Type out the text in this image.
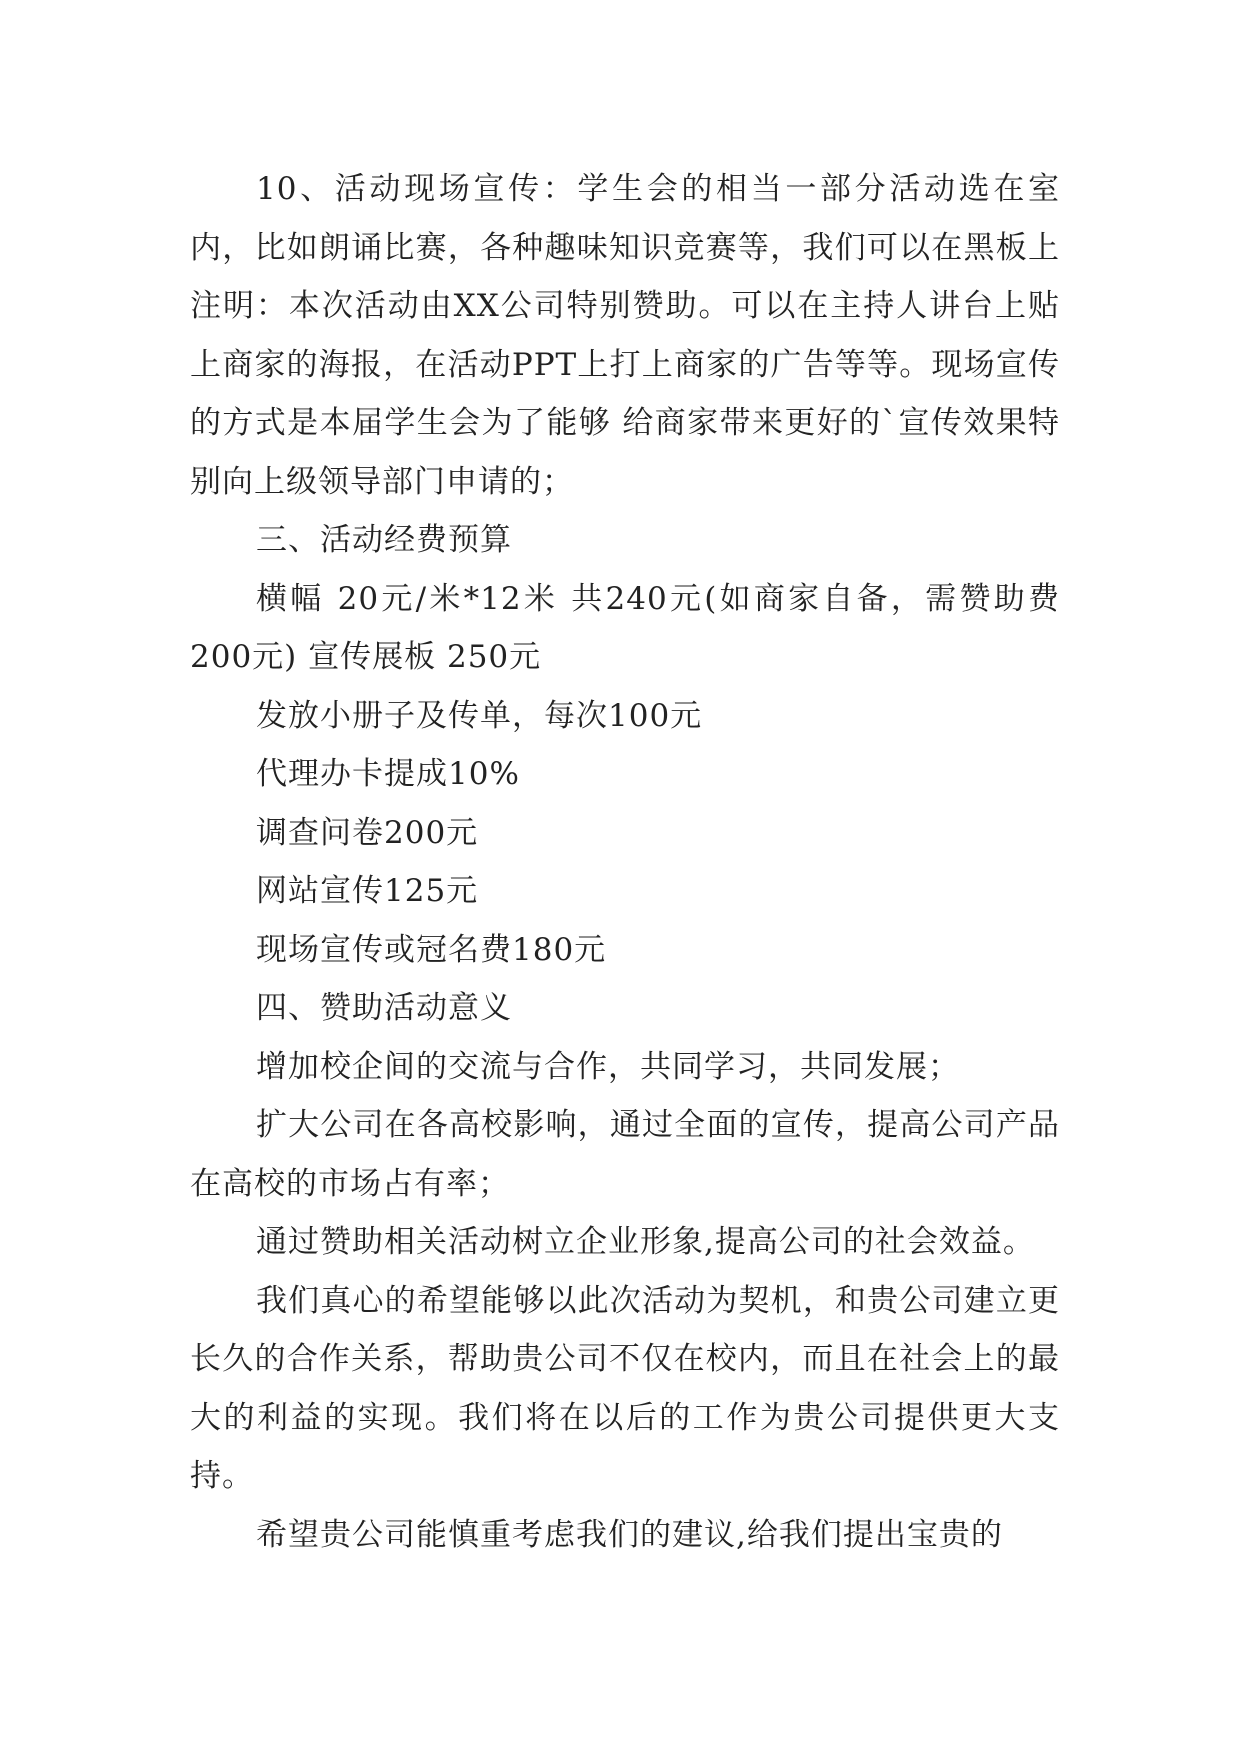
10、活动现场宣传：学生会的相当一部分活动选在室内，比如朗诵比赛，各种趣味知识竞赛等，我们可以在黑板上注明：本次活动由XX公司特别赞助。可以在主持人讲台上贴上商家的海报，在活动PPT上打上商家的广告等等。现场宣传的方式是本届学生会为了能够 给商家带来更好的`宣传效果特别向上级领导部门申请的；

三、活动经费预算

横幅 20元/米*12米 共240元(如商家自备，需赞助费200元) 宣传展板 250元

发放小册子及传单，每次100元

代理办卡提成10%

调查问卷200元

网站宣传125元

现场宣传或冠名费180元

四、赞助活动意义

增加校企间的交流与合作，共同学习，共同发展；

扩大公司在各高校影响，通过全面的宣传，提高公司产品在高校的市场占有率；

通过赞助相关活动树立企业形象,提高公司的社会效益。

我们真心的希望能够以此次活动为契机，和贵公司建立更长久的合作关系，帮助贵公司不仅在校内，而且在社会上的最大的利益的实现。我们将在以后的工作为贵公司提供更大支持。

希望贵公司能慎重考虑我们的建议,给我们提出宝贵的
